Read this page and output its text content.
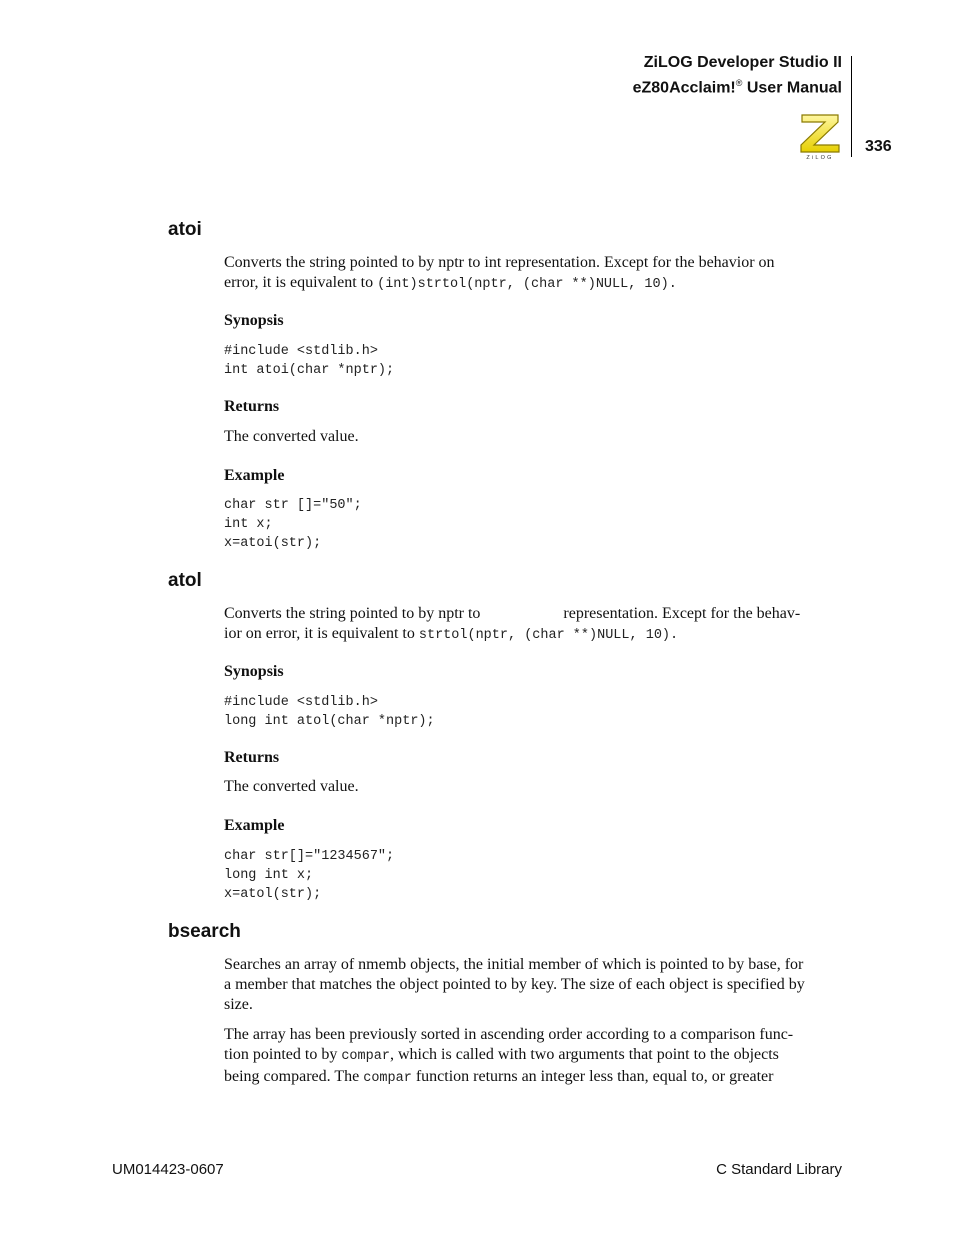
ZiLOG Developer Studio II
eZ80Acclaim!® User Manual
ZiLOG
336
atoi
Converts the string pointed to by nptr to int representation. Except for the behavior on
error, it is equivalent to (int)strtol(nptr, (char **)NULL, 10).
Synopsis
#include <stdlib.h>
int atoi(char *nptr);
Returns
The converted value.
Example
char str []="50";
int x;
x=atoi(str);
atol
Converts the string pointed to by nptr to	representation. Except for the behav-
ior on error, it is equivalent to strtol(nptr, (char **)NULL, 10).
Synopsis
#include <stdlib.h>
long int atol(char *nptr);
Returns
The converted value.
Example
char str[]="1234567";
long int x;
x=atol(str);
bsearch
Searches an array of nmemb objects, the initial member of which is pointed to by base, for
a member that matches the object pointed to by key. The size of each object is specified by
size.
The array has been previously sorted in ascending order according to a comparison func-
tion pointed to by compar, which is called with two arguments that point to the objects
being compared. The compar function returns an integer less than, equal to, or greater
UM014423-0607	C Standard Library
